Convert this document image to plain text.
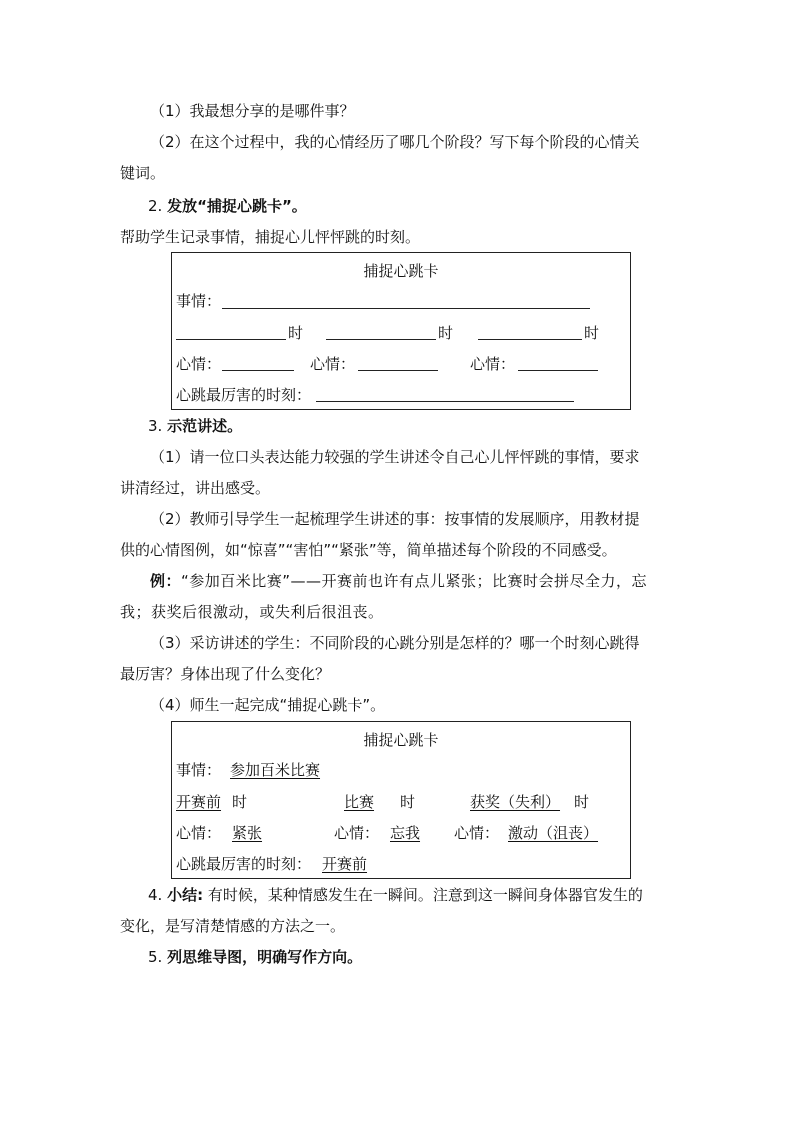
（1）我最想分享的是哪件事？
（2）在这个过程中，我的心情经历了哪几个阶段？写下每个阶段的心情关
键词。
2. 发放“捕捉心跳卡”。
帮助学生记录事情，捕捉心儿怦怦跳的时刻。
捕捉心跳卡
事情：
时	时	时
心情：	心情：	心情：
心跳最厉害的时刻：
3. 示范讲述。
（1）请一位口头表达能力较强的学生讲述令自己心儿怦怦跳的事情，要求
讲清经过，讲出感受。
（2）教师引导学生一起梳理学生讲述的事：按事情的发展顺序，用教材提
供的心情图例，如“惊喜”“害怕”“紧张”等，简单描述每个阶段的不同感受。
例：“参加百米比赛”——开赛前也许有点儿紧张；比赛时会拼尽全力，忘
我；获奖后很激动，或失利后很沮丧。
（3）采访讲述的学生：不同阶段的心跳分别是怎样的？哪一个时刻心跳得
最厉害？身体出现了什么变化？
（4）师生一起完成“捕捉心跳卡”。
捕捉心跳卡
事情： 参加百米比赛
开赛前 时	比赛 时	获奖（失利） 时
心情： 紧张	心情： 忘我 心情： 激动（沮丧）
心跳最厉害的时刻： 开赛前
4. 小结: 有时候，某种情感发生在一瞬间。注意到这一瞬间身体器官发生的
变化，是写清楚情感的方法之一。
5. 列思维导图，明确写作方向。
